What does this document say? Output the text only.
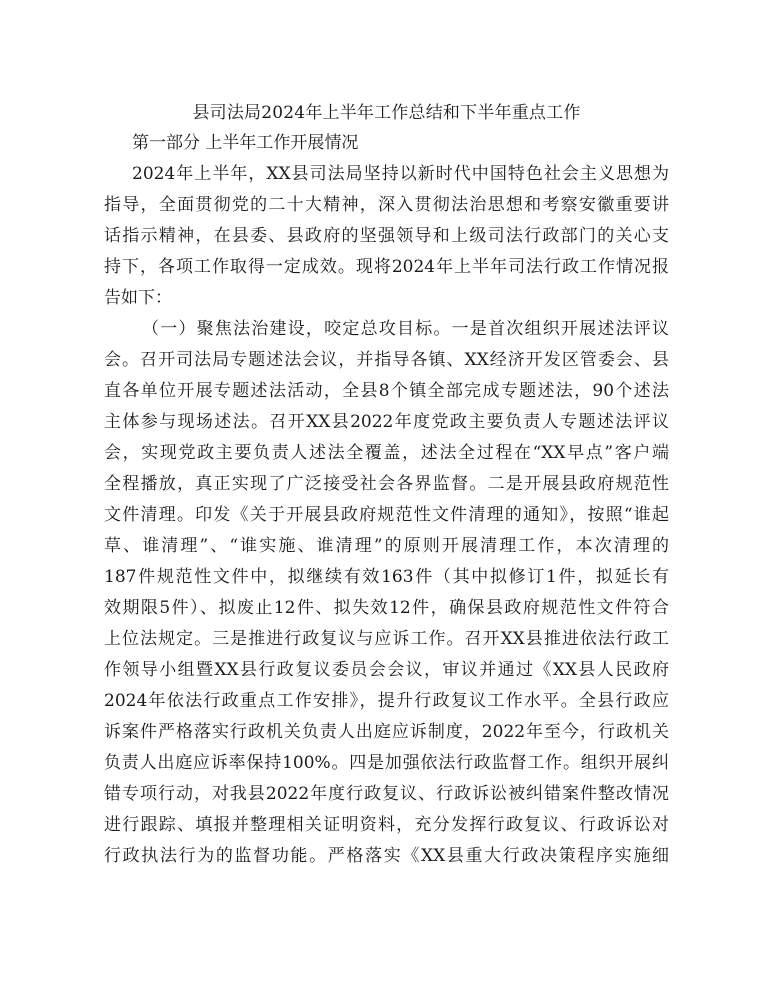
县司法局2024年上半年工作总结和下半年重点工作
第一部分 上半年工作开展情况
2024年上半年，XX县司法局坚持以新时代中国特色社会主义思想为
指导，全面贯彻党的二十大精神，深入贯彻法治思想和考察安徽重要讲
话指示精神，在县委、县政府的坚强领导和上级司法行政部门的关心支
持下，各项工作取得一定成效。现将2024年上半年司法行政工作情况报
告如下：
（一）聚焦法治建设，咬定总攻目标。一是首次组织开展述法评议
会。召开司法局专题述法会议，并指导各镇、XX经济开发区管委会、县
直各单位开展专题述法活动，全县8个镇全部完成专题述法，90个述法
主体参与现场述法。召开XX县2022年度党政主要负责人专题述法评议
会，实现党政主要负责人述法全覆盖，述法全过程在“XX早点”客户端
全程播放，真正实现了广泛接受社会各界监督。二是开展县政府规范性
文件清理。印发《关于开展县政府规范性文件清理的通知》，按照“谁起
草、谁清理”、“谁实施、谁清理”的原则开展清理工作，本次清理的
187件规范性文件中，拟继续有效163件（其中拟修订1件，拟延长有
效期限5件）、拟废止12件、拟失效12件，确保县政府规范性文件符合
上位法规定。三是推进行政复议与应诉工作。召开XX县推进依法行政工
作领导小组暨XX县行政复议委员会会议，审议并通过《XX县人民政府
2024年依法行政重点工作安排》，提升行政复议工作水平。全县行政应
诉案件严格落实行政机关负责人出庭应诉制度，2022年至今，行政机关
负责人出庭应诉率保持100%。四是加强依法行政监督工作。组织开展纠
错专项行动，对我县2022年度行政复议、行政诉讼被纠错案件整改情况
进行跟踪、填报并整理相关证明资料，充分发挥行政复议、行政诉讼对
行政执法行为的监督功能。严格落实《XX县重大行政决策程序实施细
